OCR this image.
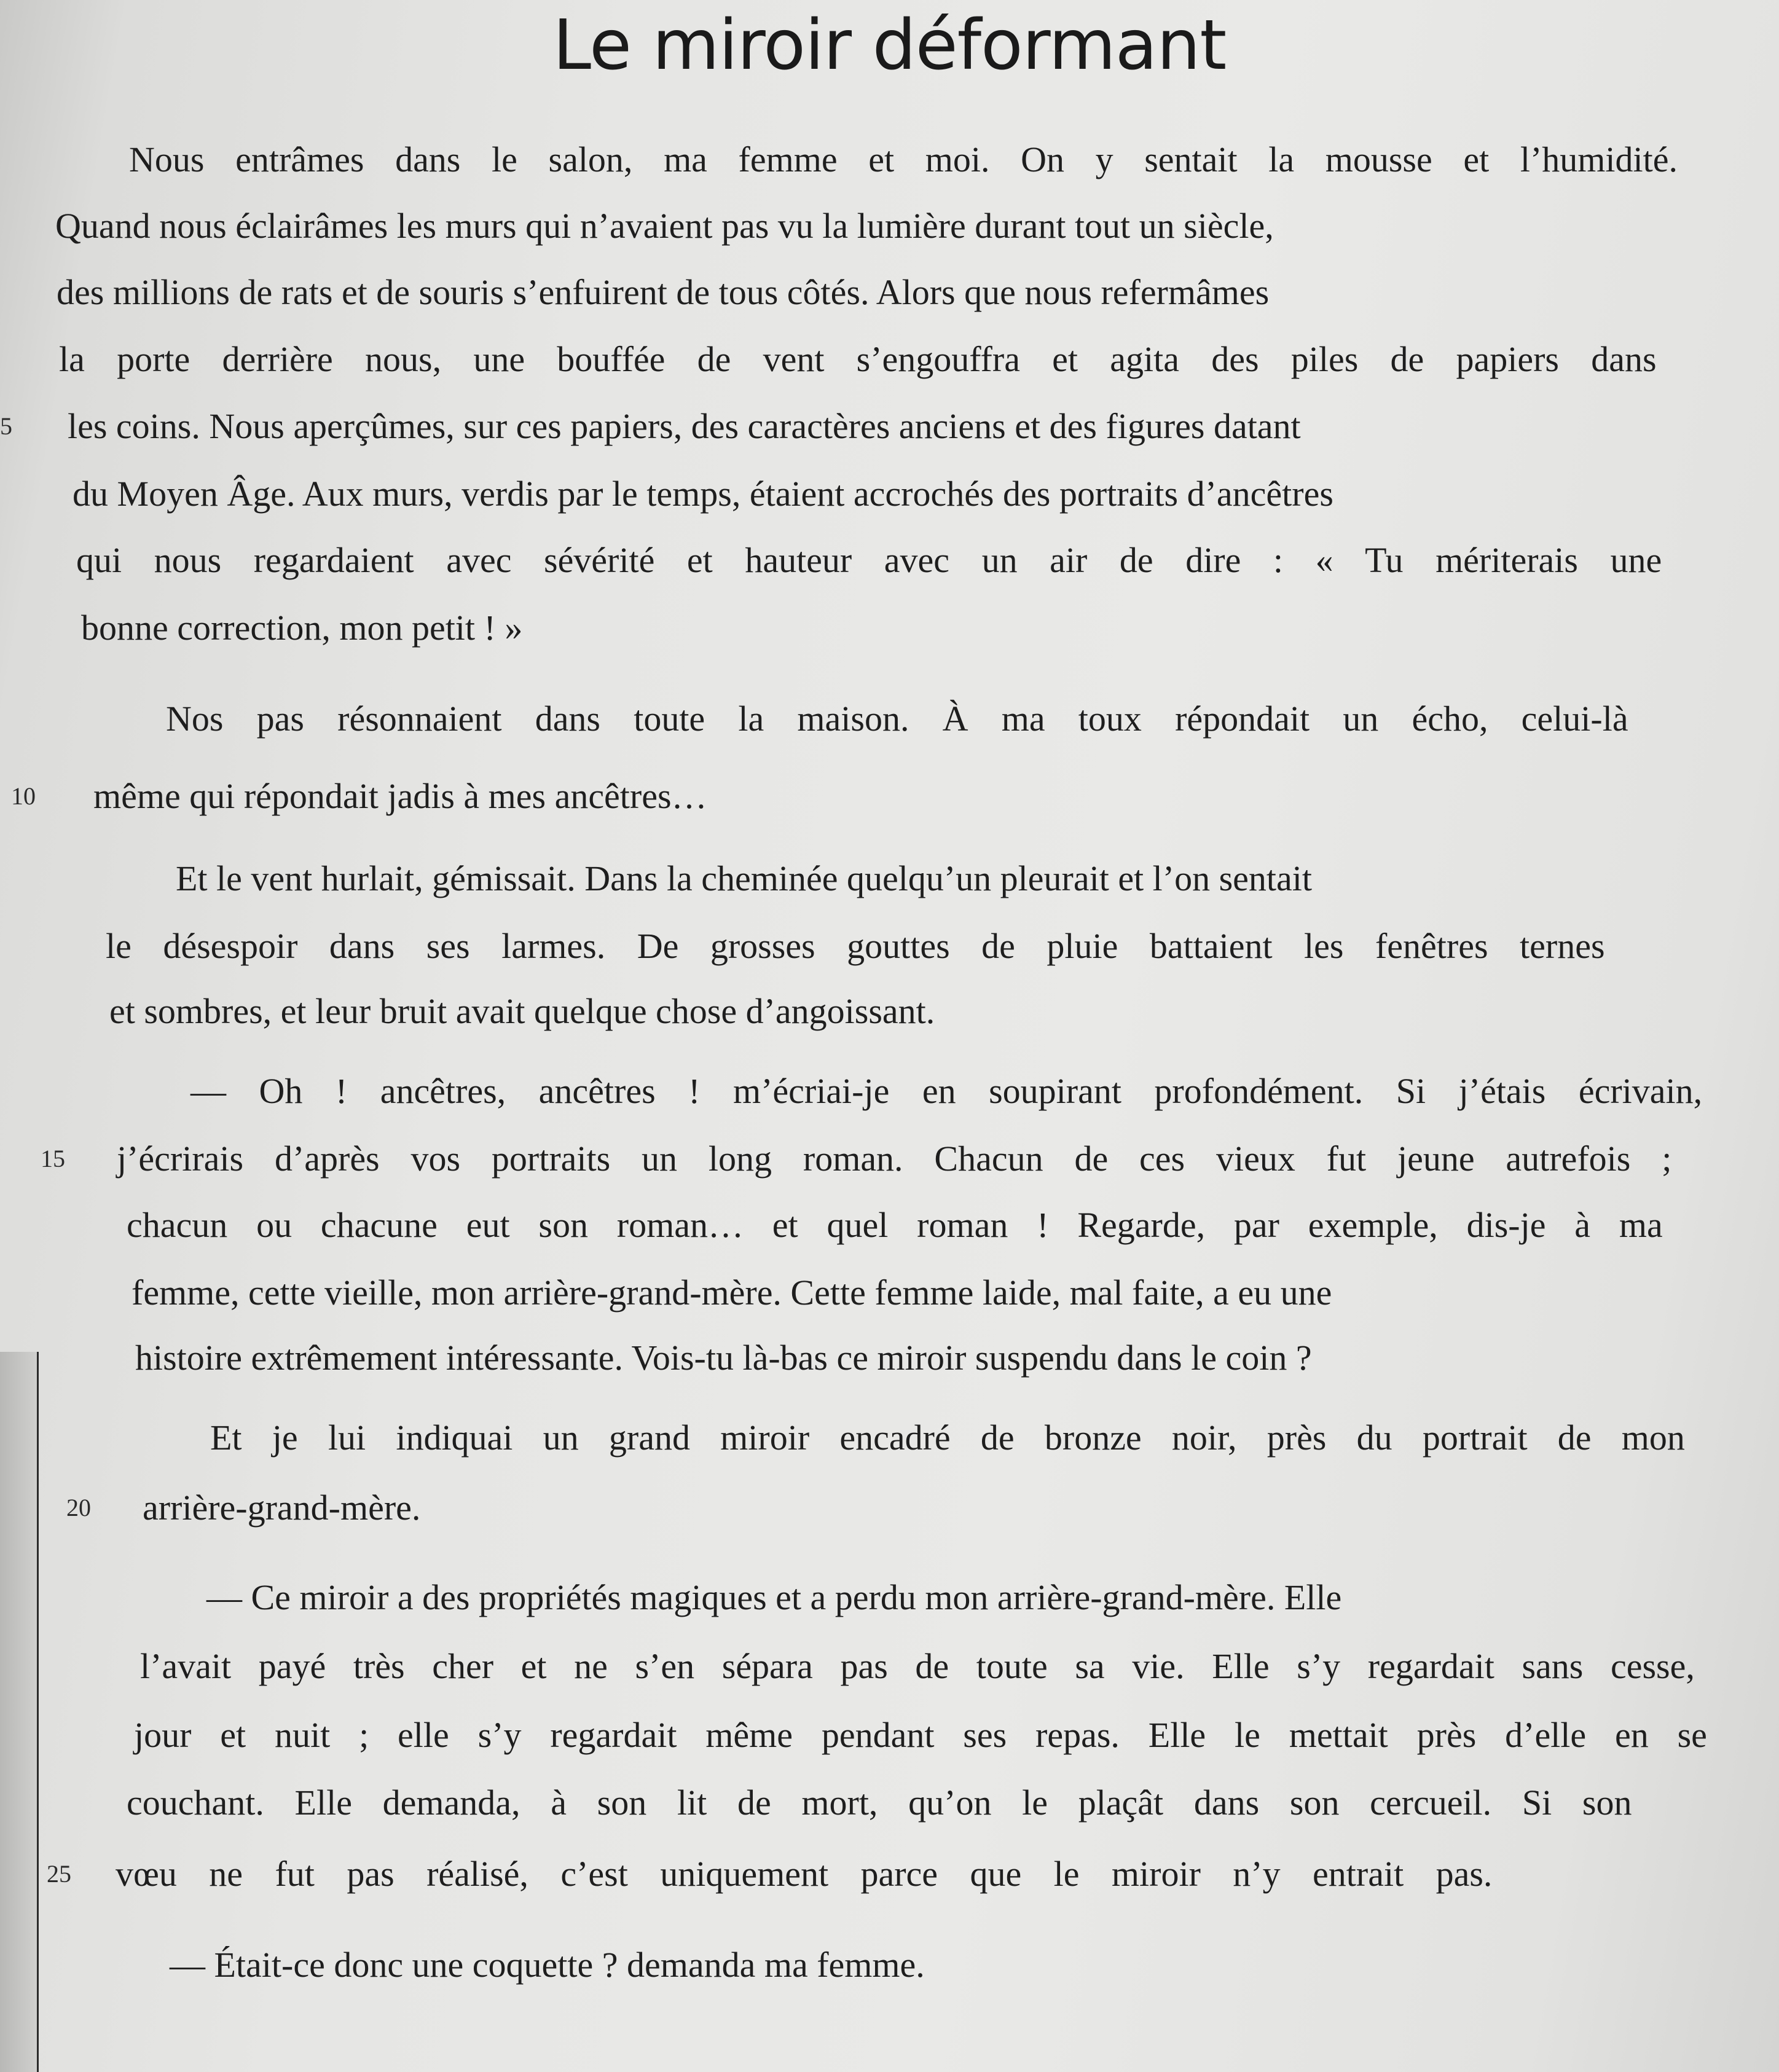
Le miroir déformant
Nous entrâmes dans le salon, ma femme et moi. On y sentait la mousse et l’humidité.
Quand nous éclairâmes les murs qui n’avaient pas vu la lumière durant tout un siècle,
des millions de rats et de souris s’enfuirent de tous côtés. Alors que nous refermâmes
la porte derrière nous, une bouffée de vent s’engouffra et agita des piles de papiers dans
les coins. Nous aperçûmes, sur ces papiers, des caractères anciens et des figures datant
du Moyen Âge. Aux murs, verdis par le temps, étaient accrochés des portraits d’ancêtres
qui nous regardaient avec sévérité et hauteur avec un air de dire : « Tu mériterais une
bonne correction, mon petit ! »
Nos pas résonnaient dans toute la maison. À ma toux répondait un écho, celui-là
même qui répondait jadis à mes ancêtres…
Et le vent hurlait, gémissait. Dans la cheminée quelqu’un pleurait et l’on sentait
le désespoir dans ses larmes. De grosses gouttes de pluie battaient les fenêtres ternes
et sombres, et leur bruit avait quelque chose d’angoissant.
— Oh ! ancêtres, ancêtres ! m’écriai-je en soupirant profondément. Si j’étais écrivain,
j’écrirais d’après vos portraits un long roman. Chacun de ces vieux fut jeune autrefois ;
chacun ou chacune eut son roman… et quel roman ! Regarde, par exemple, dis-je à ma
femme, cette vieille, mon arrière-grand-mère. Cette femme laide, mal faite, a eu une
histoire extrêmement intéressante. Vois-tu là-bas ce miroir suspendu dans le coin ?
Et je lui indiquai un grand miroir encadré de bronze noir, près du portrait de mon
arrière-grand-mère.
— Ce miroir a des propriétés magiques et a perdu mon arrière-grand-mère. Elle
l’avait payé très cher et ne s’en sépara pas de toute sa vie. Elle s’y regardait sans cesse,
jour et nuit ; elle s’y regardait même pendant ses repas. Elle le mettait près d’elle en se
couchant. Elle demanda, à son lit de mort, qu’on le plaçât dans son cercueil. Si son
vœu ne fut pas réalisé, c’est uniquement parce que le miroir n’y entrait pas.
— Était-ce donc une coquette ? demanda ma femme.
5
10
15
20
25
